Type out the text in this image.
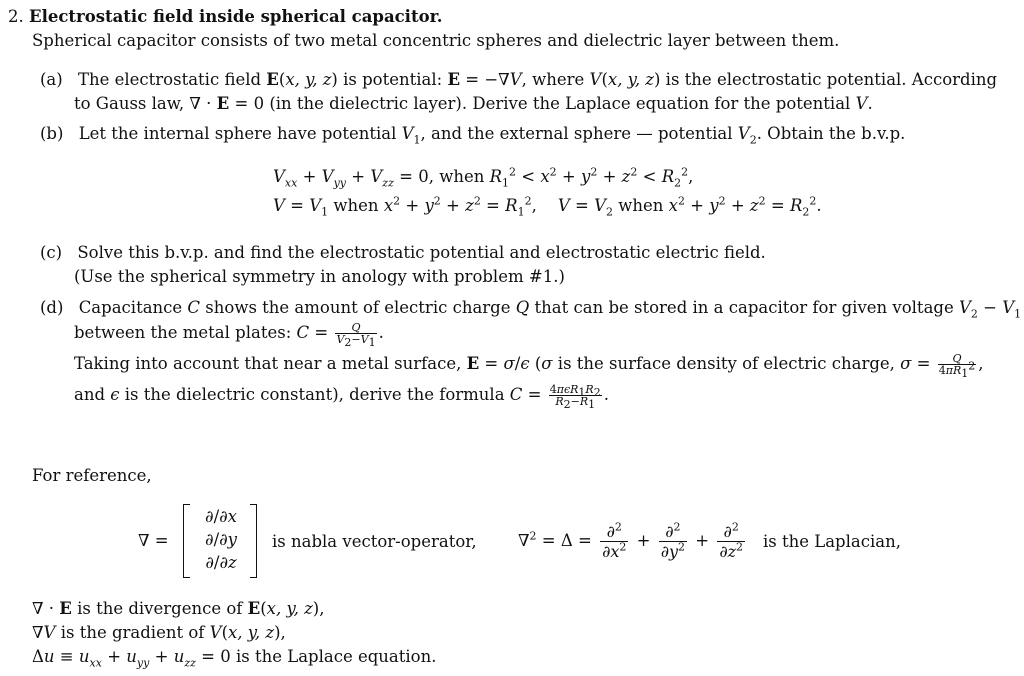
2. Electrostatic field inside spherical capacitor.
Spherical capacitor consists of two metal concentric spheres and dielectric layer between them.
(a) The electrostatic field E(x, y, z) is potential: E = −∇V, where V(x, y, z) is the electrostatic potential. According
to Gauss law, ∇ · E = 0 (in the dielectric layer). Derive the Laplace equation for the potential V.
(b) Let the internal sphere have potential $V_1$, and the external sphere — potential $V_2$. Obtain the b.v.p.
$V_{xx} + V_{yy} + V_{zz} = 0$, when $R_1^2 < x^2 + y^2 + z^2 < R_2^2$,
$V = V_1$ when $x^2 + y^2 + z^2 = R_1^2$,    $V = V_2$ when $x^2 + y^2 + z^2 = R_2^2$.
(c) Solve this b.v.p. and find the electrostatic potential and electrostatic electric field.
(Use the spherical symmetry in anology with problem #1.)
(d) Capacitance C shows the amount of electric charge Q that can be stored in a capacitor for given voltage $V_2 - V_1$
between the metal plates: $C = \frac{Q}{V_2-V_1}$ .
Taking into account that near a metal surface, E = σ/ϵ (σ is the surface density of electric charge, $\sigma = \frac{Q}{4\pi R_1^2}$ ,
and ϵ is the dielectric constant), derive the formula $C = \frac{4\pi\epsilon R_1R_2}{R_2-R_1}$ .
For reference,
∇ =
∂/∂x
∂/∂y
∂/∂z
is nabla vector-operator,	$\nabla^2 = \Delta = \frac{\partial^2}{\partial x^2} + \frac{\partial^2}{\partial y^2} + \frac{\partial^2}{\partial z^2}$ is the Laplacian,
∇ · E is the divergence of E(x, y, z),
∇V is the gradient of V(x, y, z),
$\Delta u \equiv u_{xx} + u_{yy} + u_{zz} = 0$ is the Laplace equation.
